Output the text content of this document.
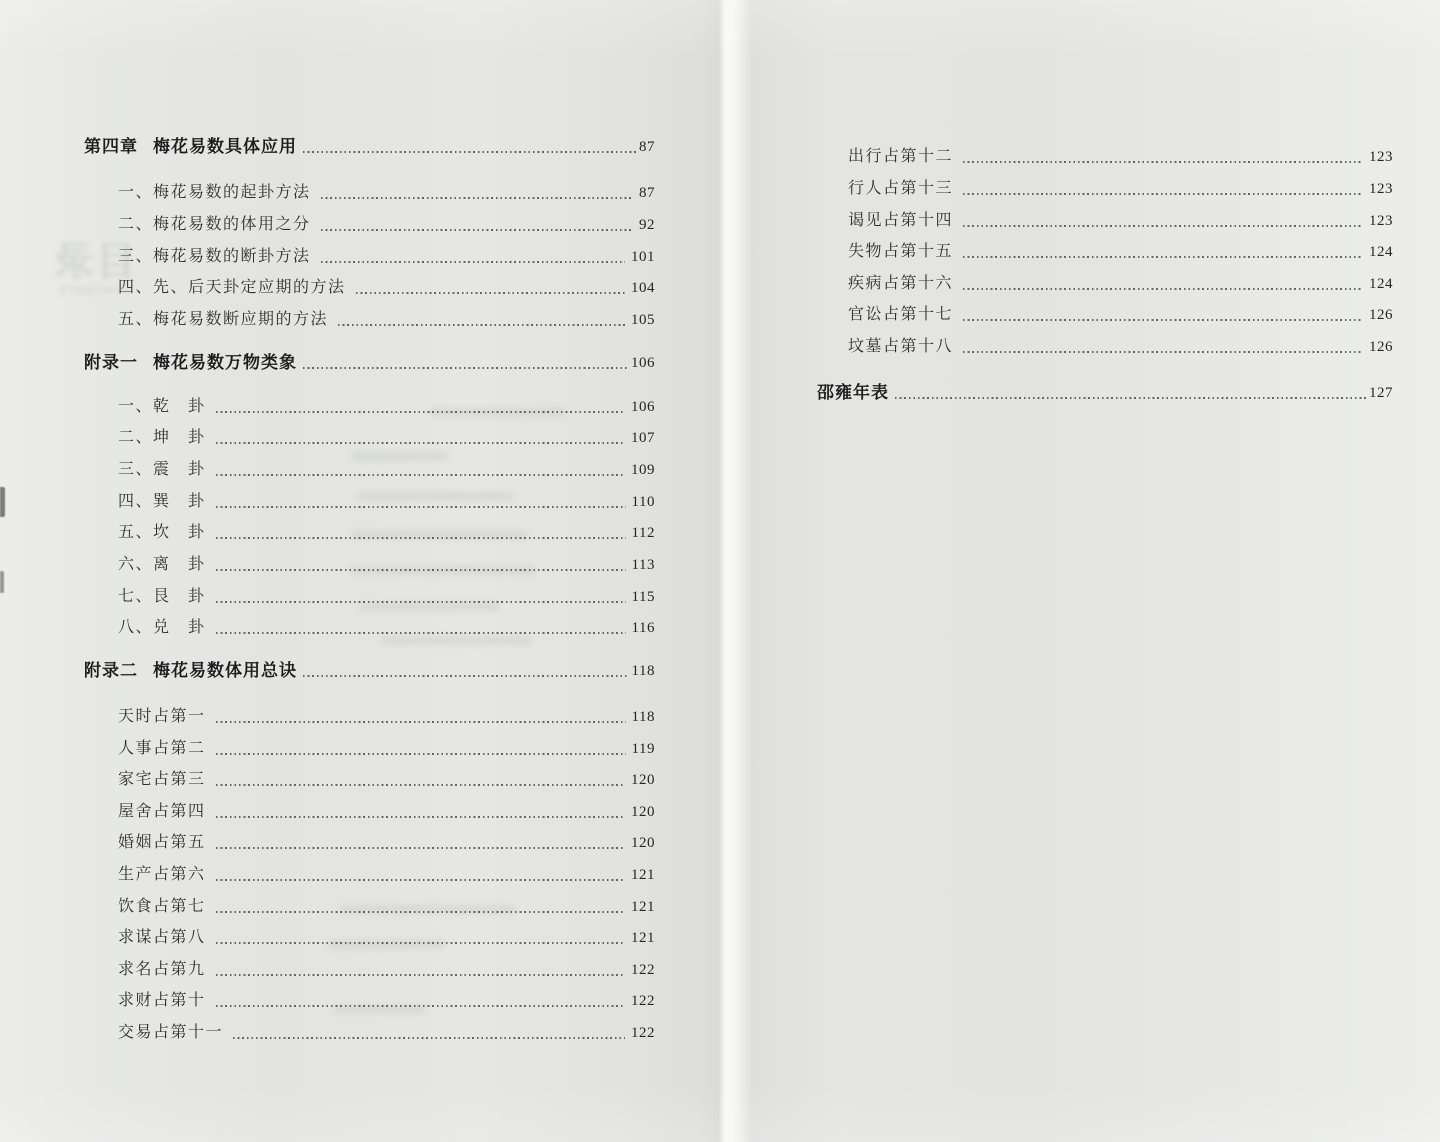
目录
CONTENTS
第四章 梅花易数具体应用	87
一、梅花易数的起卦方法	87
二、梅花易数的体用之分	92
三、梅花易数的断卦方法	101
四、先、后天卦定应期的方法	104
五、梅花易数断应期的方法	105
附录一 梅花易数万物类象	106
一、乾　卦	106
二、坤　卦	107
三、震　卦	109
四、巽　卦	110
五、坎　卦	112
六、离　卦	113
七、艮　卦	115
八、兑　卦	116
附录二 梅花易数体用总诀	118
天时占第一	118
人事占第二	119
家宅占第三	120
屋舍占第四	120
婚姻占第五	120
生产占第六	121
饮食占第七	121
求谋占第八	121
求名占第九	122
求财占第十	122
交易占第十一	122
出行占第十二	123
行人占第十三	123
谒见占第十四	123
失物占第十五	124
疾病占第十六	124
官讼占第十七	126
坟墓占第十八	126
邵雍年表	127
